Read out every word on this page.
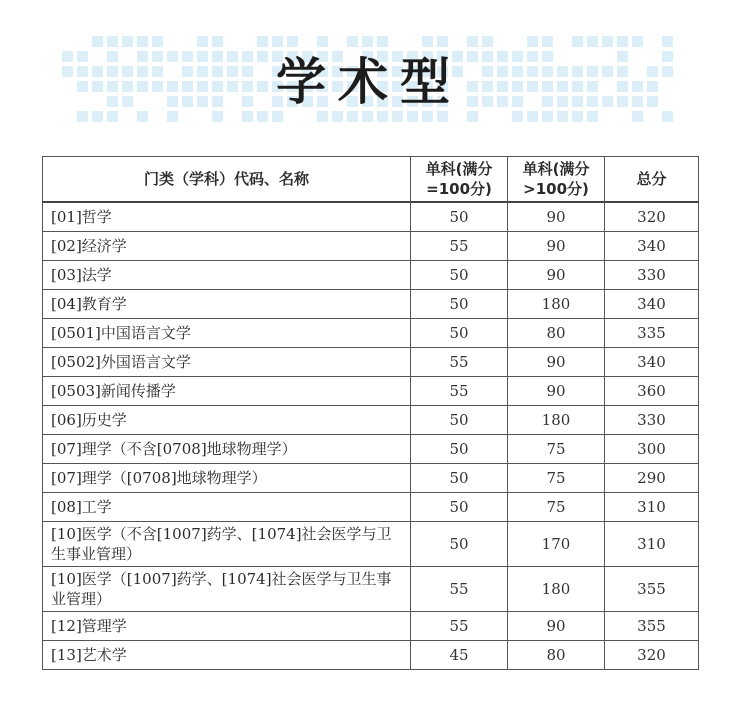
学术型
门类（学科）代码、名称	单科(满分=100分)	单科(满分>100分)	总分
[01]哲学	50	90	320
[02]经济学	55	90	340
[03]法学	50	90	330
[04]教育学	50	180	340
[0501]中国语言文学	50	80	335
[0502]外国语言文学	55	90	340
[0503]新闻传播学	55	90	360
[06]历史学	50	180	330
[07]理学（不含[0708]地球物理学）	50	75	300
[07]理学（[0708]地球物理学）	50	75	290
[08]工学	50	75	310
[10]医学（不含[1007]药学、[1074]社会医学与卫生事业管理）	50	170	310
[10]医学（[1007]药学、[1074]社会医学与卫生事业管理）	55	180	355
[12]管理学	55	90	355
[13]艺术学	45	80	320
